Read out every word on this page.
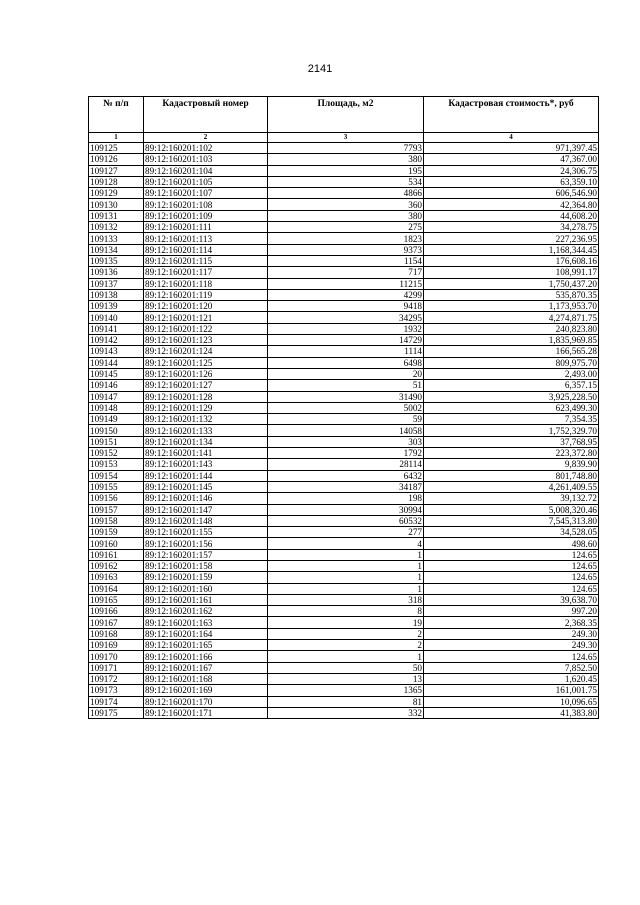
2141
№ п/п	Кадастровый номер	Площадь, м2	Кадастровая стоимость*, руб
1	2	3	4
109125	89:12:160201:102	7793	971,397.45
109126	89:12:160201:103	380	47,367.00
109127	89:12:160201:104	195	24,306.75
109128	89:12:160201:105	534	63,359.10
109129	89:12:160201:107	4866	606,546.90
109130	89:12:160201:108	360	42,364.80
109131	89:12:160201:109	380	44,608.20
109132	89:12:160201:111	275	34,278.75
109133	89:12:160201:113	1823	227,236.95
109134	89:12:160201:114	9373	1,168,344.45
109135	89:12:160201:115	1154	176,608.16
109136	89:12:160201:117	717	108,991.17
109137	89:12:160201:118	11215	1,750,437.20
109138	89:12:160201:119	4299	535,870.35
109139	89:12:160201:120	9418	1,173,953.70
109140	89:12:160201:121	34295	4,274,871.75
109141	89:12:160201:122	1932	240,823.80
109142	89:12:160201:123	14729	1,835,969.85
109143	89:12:160201:124	1114	166,565.28
109144	89:12:160201:125	6498	809,975.70
109145	89:12:160201:126	20	2,493.00
109146	89:12:160201:127	51	6,357.15
109147	89:12:160201:128	31490	3,925,228.50
109148	89:12:160201:129	5002	623,499.30
109149	89:12:160201:132	59	7,354.35
109150	89:12:160201:133	14058	1,752,329.70
109151	89:12:160201:134	303	37,768.95
109152	89:12:160201:141	1792	223,372.80
109153	89:12:160201:143	28114	9,839.90
109154	89:12:160201:144	6432	801,748.80
109155	89:12:160201:145	34187	4,261,409.55
109156	89:12:160201:146	198	39,132.72
109157	89:12:160201:147	30994	5,008,320.46
109158	89:12:160201:148	60532	7,545,313.80
109159	89:12:160201:155	277	34,528.05
109160	89:12:160201:156	4	498.60
109161	89:12:160201:157	1	124.65
109162	89:12:160201:158	1	124.65
109163	89:12:160201:159	1	124.65
109164	89:12:160201:160	1	124.65
109165	89:12:160201:161	318	39,638.70
109166	89:12:160201:162	8	997.20
109167	89:12:160201:163	19	2,368.35
109168	89:12:160201:164	2	249.30
109169	89:12:160201:165	2	249.30
109170	89:12:160201:166	1	124.65
109171	89:12:160201:167	50	7,852.50
109172	89:12:160201:168	13	1,620.45
109173	89:12:160201:169	1365	161,001.75
109174	89:12:160201:170	81	10,096.65
109175	89:12:160201:171	332	41,383.80
